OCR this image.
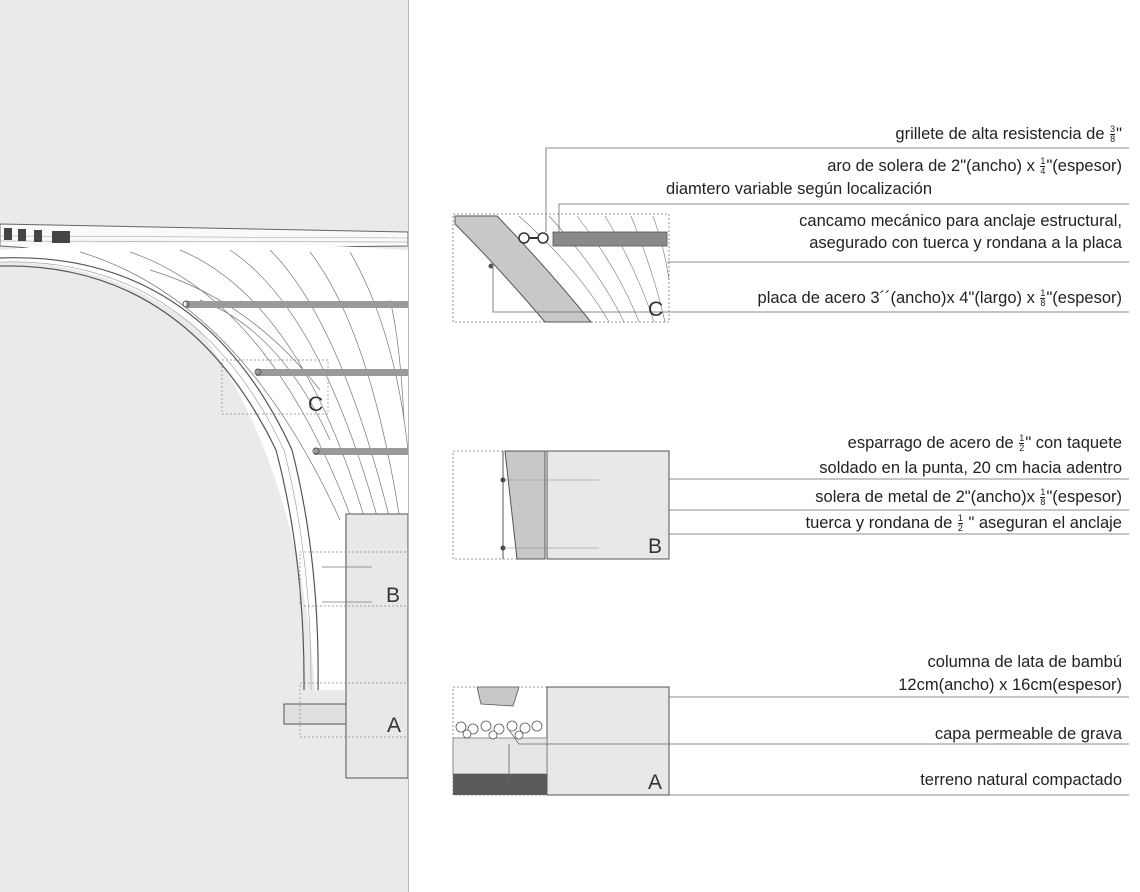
C
B
A
C
B
A
grillete de alta resistencia de $\frac{3}{8}$ "
aro de solera de 2"(ancho) x $\frac{1}{4}$ "(espesor)
diamtero variable según localización
cancamo mecánico para anclaje estructural,
asegurado con tuerca y rondana a la placa
placa de acero 3´´(ancho)x 4"(largo) x $\frac{1}{8}$ "(espesor)
esparrago de acero de $\frac{1}{2}$ " con taquete
soldado en la punta, 20 cm hacia adentro
solera de metal de 2"(ancho)x $\frac{1}{8}$ "(espesor)
tuerca y rondana de $\frac{1}{2}$ " aseguran el anclaje
columna de lata de bambú
12cm(ancho) x 16cm(espesor)
capa permeable de grava
terreno natural compactado
